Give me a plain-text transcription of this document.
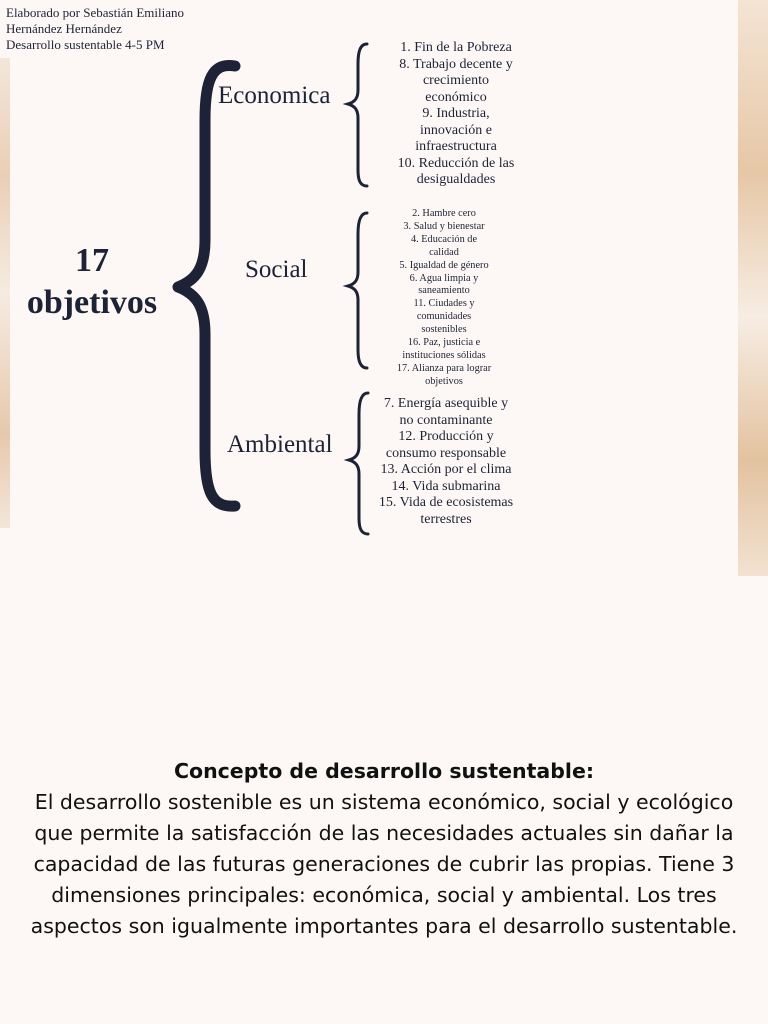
Elaborado por Sebastián Emiliano
Hernández Hernández
Desarrollo sustentable 4-5 PM
17
objetivos
Economica
Social
Ambiental
1. Fin de la Pobreza
8. Trabajo decente y
crecimiento
económico
9. Industria,
innovación e
infraestructura
10. Reducción de las
desigualdades
2. Hambre cero
3. Salud y bienestar
4. Educación de
calidad
5. Igualdad de género
6. Agua limpia y
saneamiento
11. Ciudades y
comunidades
sostenibles
16. Paz, justicia e
instituciones sólidas
17. Alianza para lograr
objetivos
7. Energía asequible y
no contaminante
12. Producción y
consumo responsable
13. Acción por el clima
14. Vida submarina
15. Vida de ecosistemas
terrestres
Concepto de desarrollo sustentable:
El desarrollo sostenible es un sistema económico, social y ecológico
que permite la satisfacción de las necesidades actuales sin dañar la
capacidad de las futuras generaciones de cubrir las propias. Tiene 3
dimensiones principales: económica, social y ambiental. Los tres
aspectos son igualmente importantes para el desarrollo sustentable.
